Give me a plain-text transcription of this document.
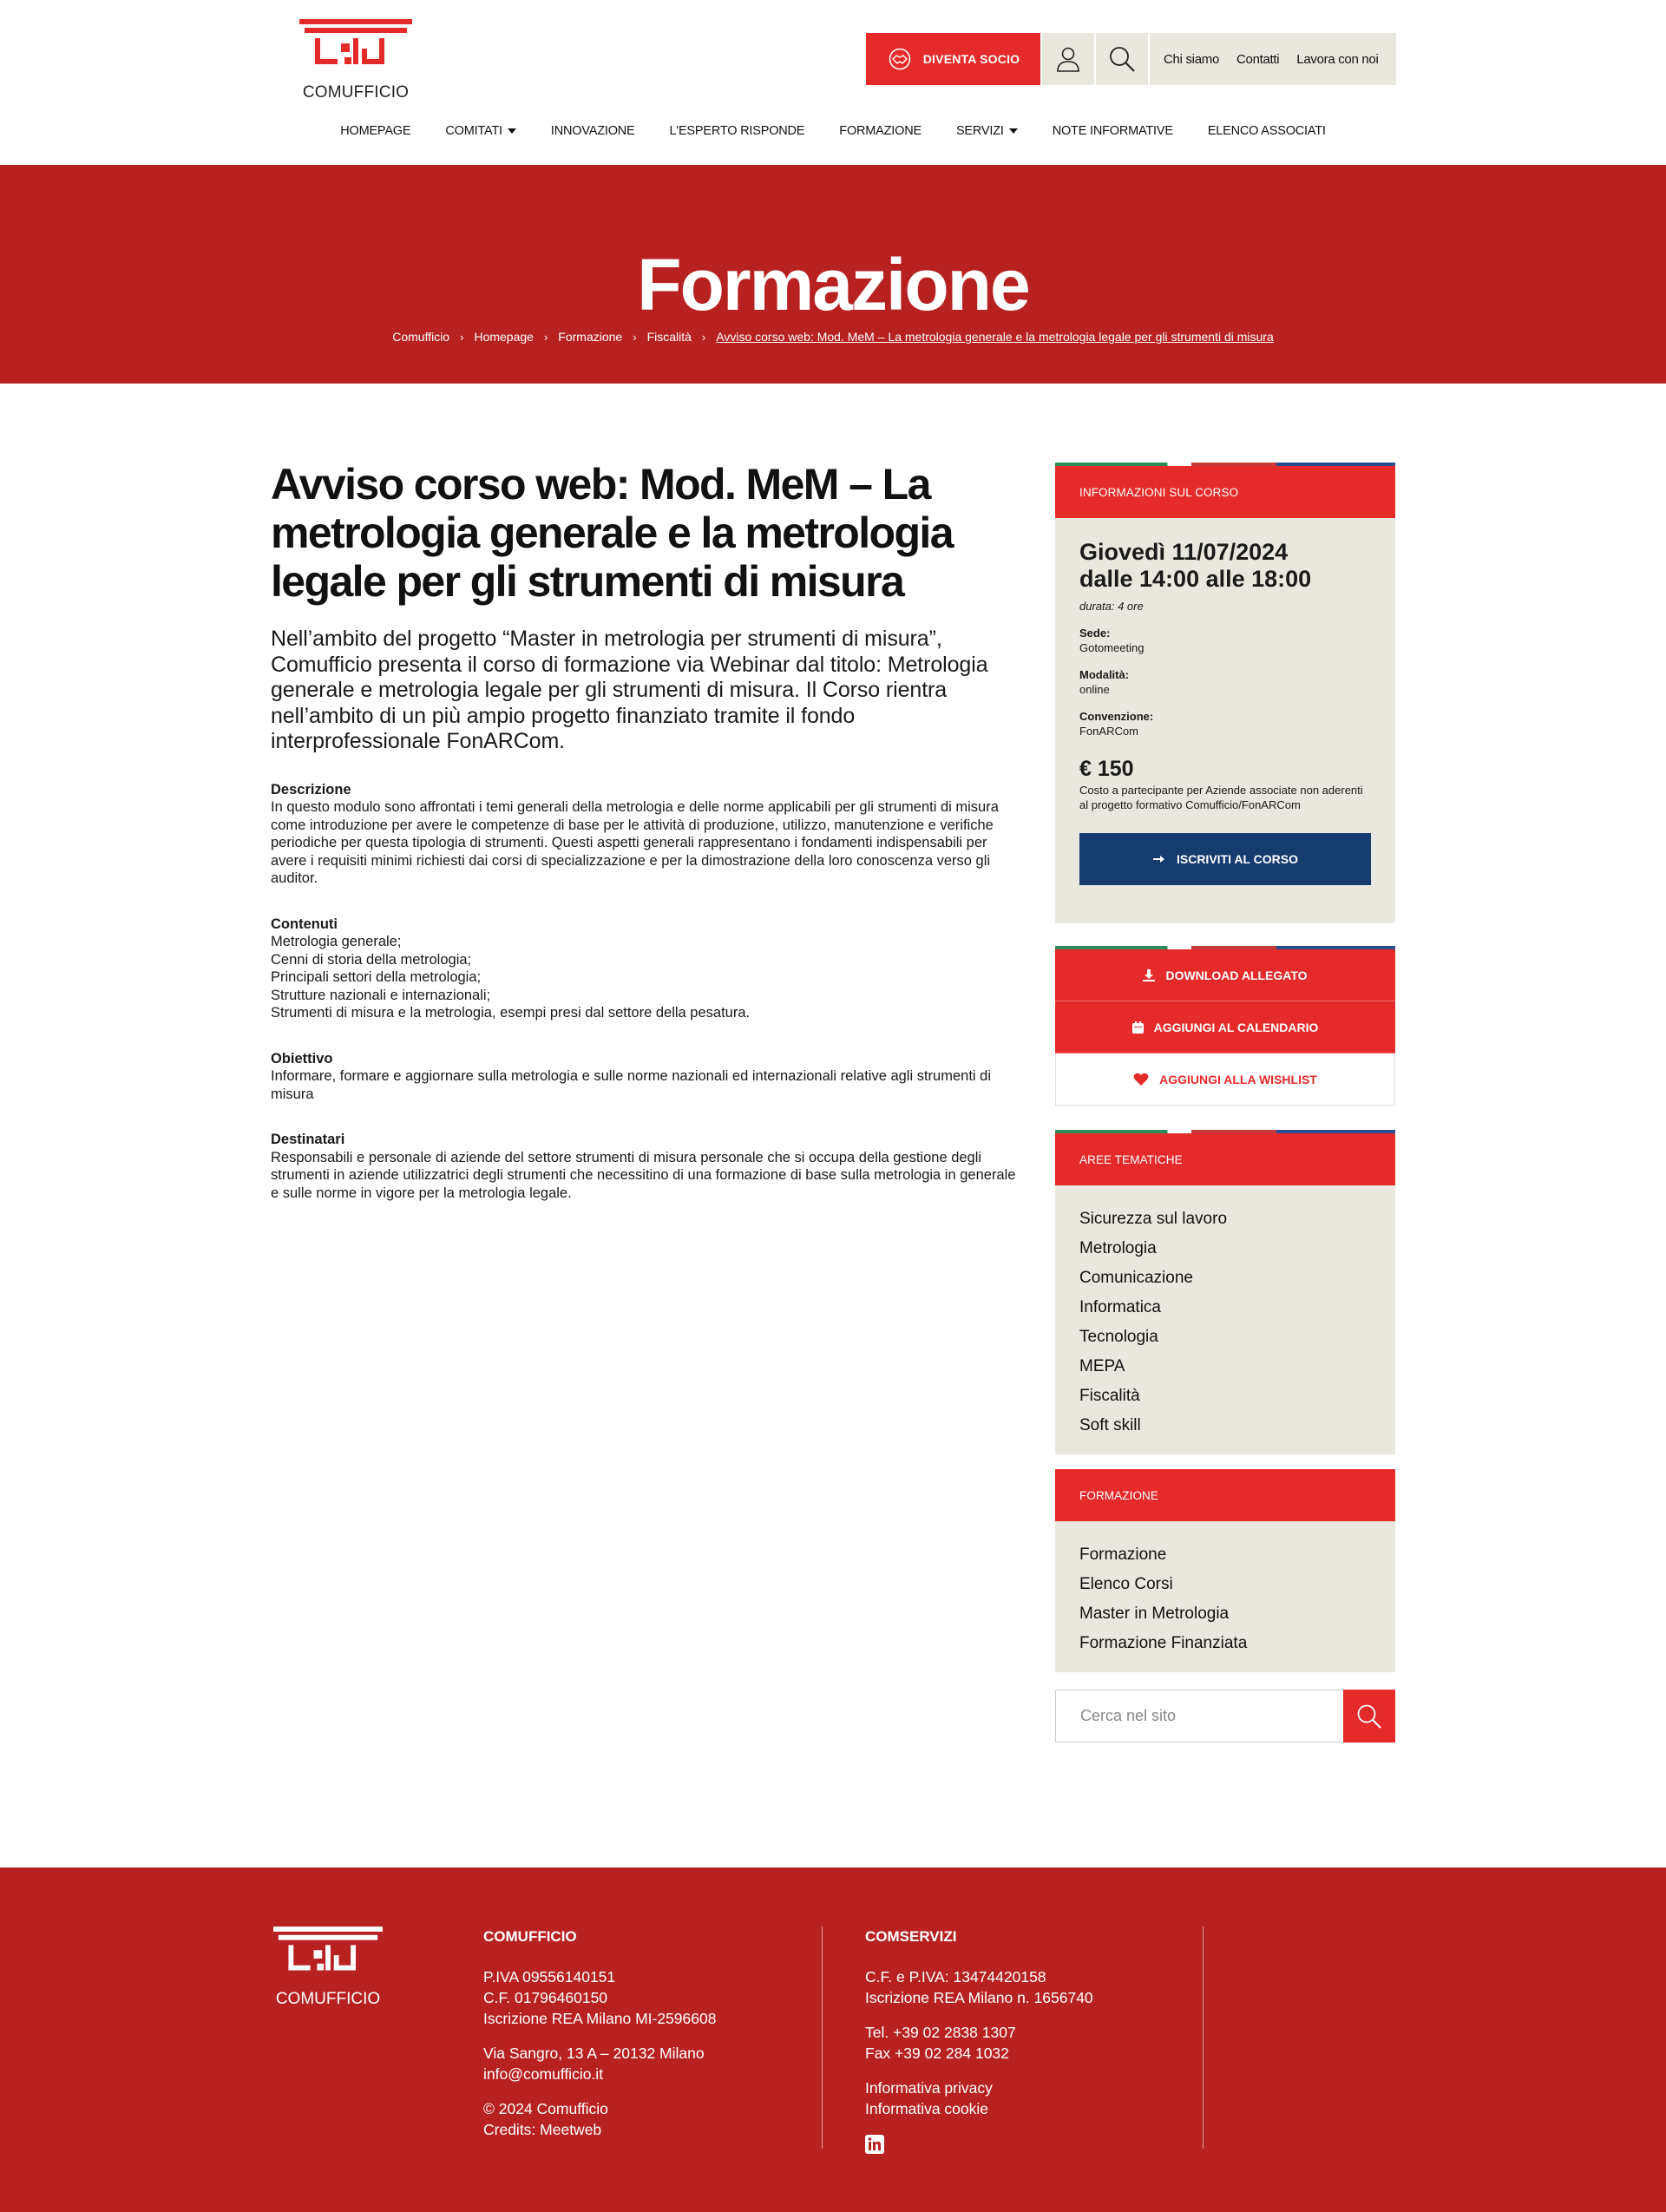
COMUFFICIO
DIVENTA SOCIO	Chi siamo Contatti Lavora con noi
HOMEPAGE	COMITATI	INNOVAZIONE	L'ESPERTO RISPONDE	FORMAZIONE	SERVIZI	NOTE INFORMATIVE	ELENCO ASSOCIATI
Formazione
Comufficio › Homepage › Formazione › Fiscalità › Avviso corso web: Mod. MeM – La metrologia generale e la metrologia legale per gli strumenti di misura
Avviso corso web: Mod. MeM – La metrologia generale e la metrologia legale per gli strumenti di misura

Nell’ambito del progetto “Master in metrologia per strumenti di misura”, Comufficio presenta il corso di formazione via Webinar dal titolo: Metrologia generale e metrologia legale per gli strumenti di misura. Il Corso rientra nell’ambito di un più ampio progetto finanziato tramite il fondo interprofessionale FonARCom.

Descrizione
In questo modulo sono affrontati i temi generali della metrologia e delle norme applicabili per gli strumenti di misura come introduzione per avere le competenze di base per le attività di produzione, utilizzo, manutenzione e verifiche periodiche per questa tipologia di strumenti. Questi aspetti generali rappresentano i fondamenti indispensabili per avere i requisiti minimi richiesti dai corsi di specializzazione e per la dimostrazione della loro conoscenza verso gli auditor.
Contenuti
Metrologia generale;
Cenni di storia della metrologia;
Principali settori della metrologia;
Strutture nazionali e internazionali;
Strumenti di misura e la metrologia, esempi presi dal settore della pesatura.
Obiettivo
Informare, formare e aggiornare sulla metrologia e sulle norme nazionali ed internazionali relative agli strumenti di misura
Destinatari
Responsabili e personale di aziende del settore strumenti di misura personale che si occupa della gestione degli strumenti in aziende utilizzatrici degli strumenti che necessitino di una formazione di base sulla metrologia in generale e sulle norme in vigore per la metrologia legale.
INFORMAZIONI SUL CORSO
Giovedì 11/07/2024
dalle 14:00 alle 18:00
durata: 4 ore
Sede:
Gotomeeting
Modalità:
online
Convenzione:
FonARCom
€ 150
Costo a partecipante per Aziende associate non aderenti al progetto formativo Comufficio/FonARCom
ISCRIVITI AL CORSO
DOWNLOAD ALLEGATO
AGGIUNGI AL CALENDARIO
AGGIUNGI ALLA WISHLIST
AREE TEMATICHE
Sicurezza sul lavoro
Metrologia
Comunicazione
Informatica
Tecnologia
MEPA
Fiscalità
Soft skill
FORMAZIONE
Formazione
Elenco Corsi
Master in Metrologia
Formazione Finanziata
Cerca nel sito
COMUFFICIO
COMUFFICIO
P.IVA 09556140151
C.F. 01796460150
Iscrizione REA Milano MI-2596608
Via Sangro, 13 A – 20132 Milano
info@comufficio.it
© 2024 Comufficio
Credits: Meetweb
COMSERVIZI
C.F. e P.IVA: 13474420158
Iscrizione REA Milano n. 1656740
Tel. +39 02 2838 1307
Fax +39 02 284 1032
Informativa privacy
Informativa cookie
